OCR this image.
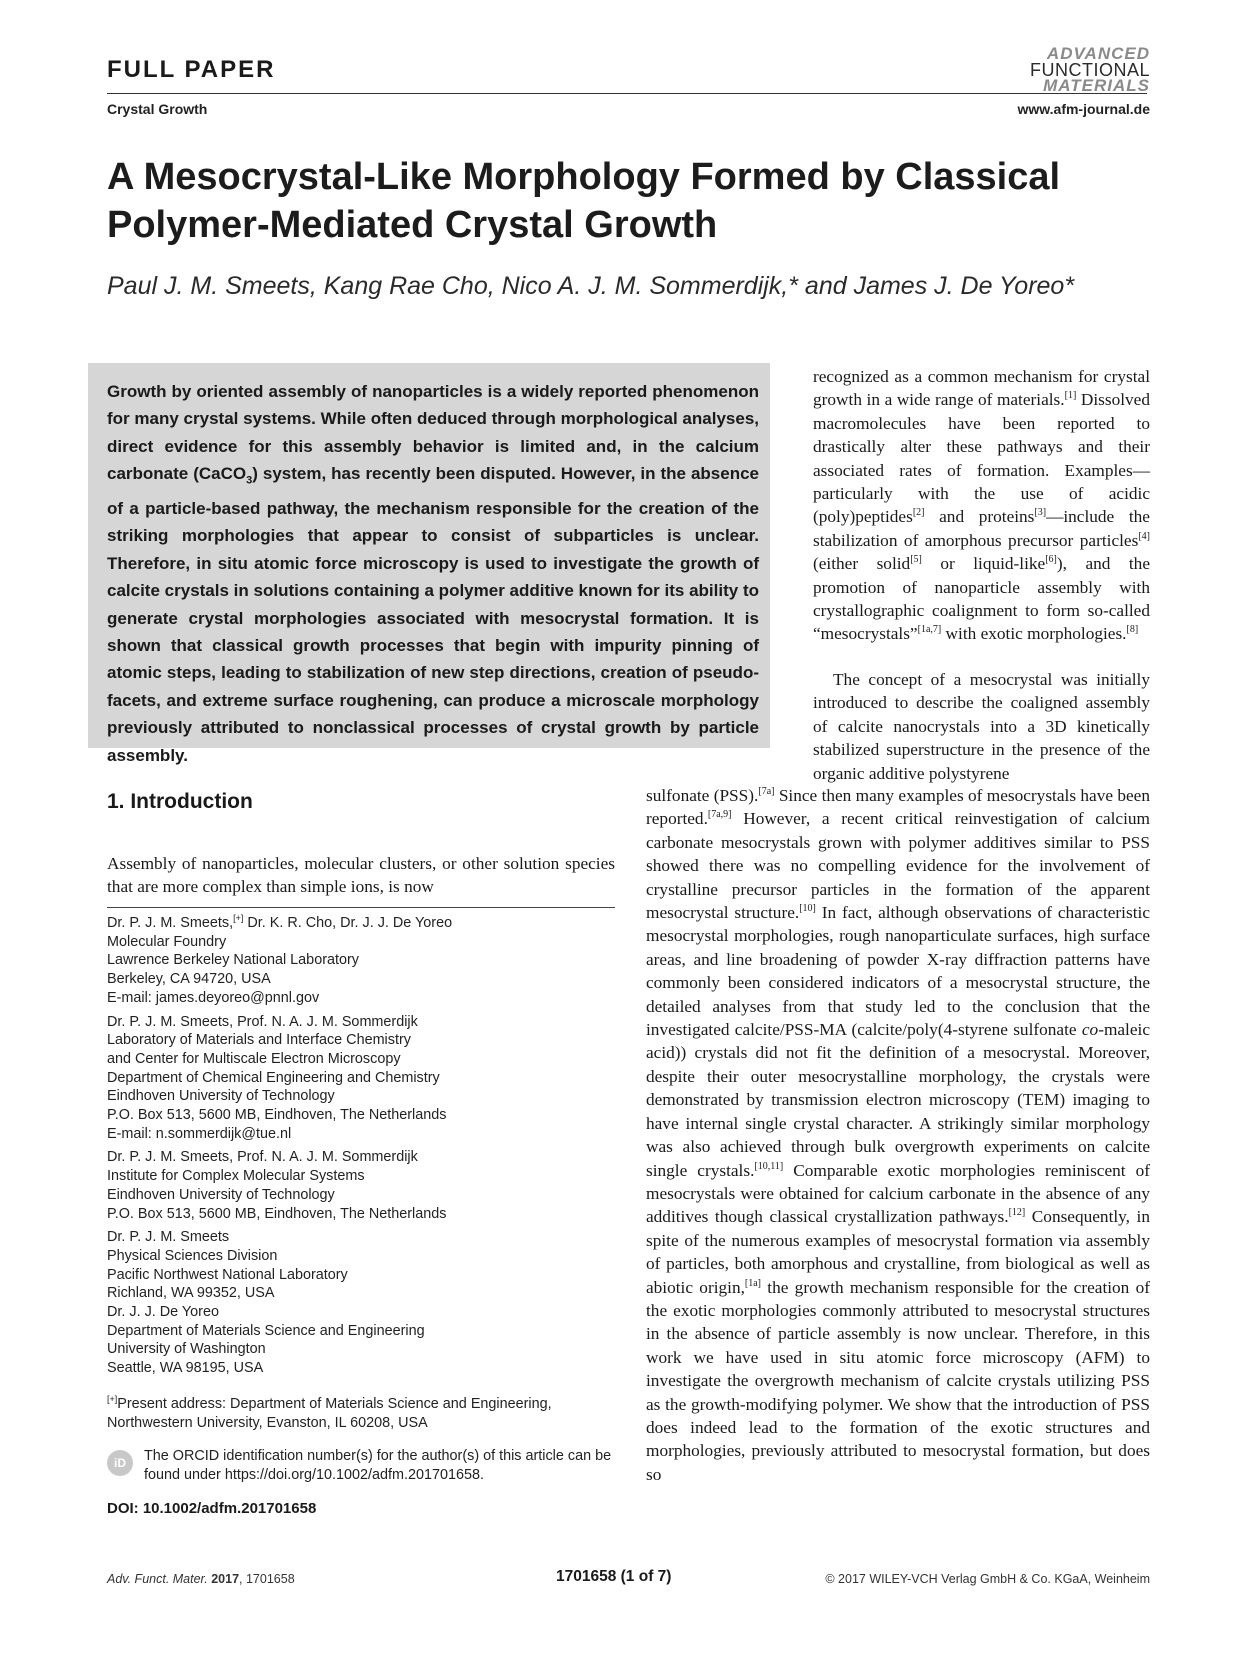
FULL PAPER
Crystal Growth
ADVANCED
FUNCTIONAL
MATERIALS
www.afm-journal.de
A Mesocrystal-Like Morphology Formed by Classical Polymer-Mediated Crystal Growth
Paul J. M. Smeets, Kang Rae Cho, Nico A. J. M. Sommerdijk,* and James J. De Yoreo*
Growth by oriented assembly of nanoparticles is a widely reported phenomenon for many crystal systems. While often deduced through morphological analyses, direct evidence for this assembly behavior is limited and, in the calcium carbonate (CaCO$_3$) system, has recently been disputed. However, in the absence of a particle-based pathway, the mechanism responsible for the creation of the striking morphologies that appear to consist of subparticles is unclear. Therefore, in situ atomic force microscopy is used to investigate the growth of calcite crystals in solutions containing a polymer additive known for its ability to generate crystal morphologies associated with mesocrystal formation. It is shown that classical growth processes that begin with impurity pinning of atomic steps, leading to stabilization of new step directions, creation of pseudo-facets, and extreme surface roughening, can produce a microscale morphology previously attributed to nonclassical processes of crystal growth by particle assembly.
recognized as a common mechanism for crystal growth in a wide range of materials.[1] Dissolved macromolecules have been reported to drastically alter these pathways and their associated rates of formation. Examples—particularly with the use of acidic (poly)peptides[2] and proteins[3]—include the stabilization of amorphous precursor particles[4] (either solid[5] or liquid-like[6]), and the promotion of nanoparticle assembly with crystallographic coalignment to form so-called “mesocrystals”[1a,7] with exotic morphologies.[8]
The concept of a mesocrystal was initially introduced to describe the coaligned assembly of calcite nanocrystals into a 3D kinetically stabilized superstructure in the presence of the organic additive polystyrene
sulfonate (PSS).[7a] Since then many examples of mesocrystals have been reported.[7a,9] However, a recent critical reinvestigation of calcium carbonate mesocrystals grown with polymer additives similar to PSS showed there was no compelling evidence for the involvement of crystalline precursor particles in the formation of the apparent mesocrystal structure.[10] In fact, although observations of characteristic mesocrystal morphologies, rough nanoparticulate surfaces, high surface areas, and line broadening of powder X-ray diffraction patterns have commonly been considered indicators of a mesocrystal structure, the detailed analyses from that study led to the conclusion that the investigated calcite/PSS-MA (calcite/poly(4-styrene sulfonate co-maleic acid)) crystals did not fit the definition of a mesocrystal. Moreover, despite their outer mesocrystalline morphology, the crystals were demonstrated by transmission electron microscopy (TEM) imaging to have internal single crystal character. A strikingly similar morphology was also achieved through bulk overgrowth experiments on calcite single crystals.[10,11] Comparable exotic morphologies reminiscent of mesocrystals were obtained for calcium carbonate in the absence of any additives though classical crystallization pathways.[12] Consequently, in spite of the numerous examples of mesocrystal formation via assembly of particles, both amorphous and crystalline, from biological as well as abiotic origin,[1a] the growth mechanism responsible for the creation of the exotic morphologies commonly attributed to mesocrystal structures in the absence of particle assembly is now unclear. Therefore, in this work we have used in situ atomic force microscopy (AFM) to investigate the overgrowth mechanism of calcite crystals utilizing PSS as the growth-modifying polymer. We show that the introduction of PSS does indeed lead to the formation of the exotic structures and morphologies, previously attributed to mesocrystal formation, but does so
1. Introduction
Assembly of nanoparticles, molecular clusters, or other solution species that are more complex than simple ions, is now
Dr. P. J. M. Smeets,[+] Dr. K. R. Cho, Dr. J. J. De Yoreo
Molecular Foundry
Lawrence Berkeley National Laboratory
Berkeley, CA 94720, USA
E-mail: james.deyoreo@pnnl.gov
Dr. P. J. M. Smeets, Prof. N. A. J. M. Sommerdijk
Laboratory of Materials and Interface Chemistry
and Center for Multiscale Electron Microscopy
Department of Chemical Engineering and Chemistry
Eindhoven University of Technology
P.O. Box 513, 5600 MB, Eindhoven, The Netherlands
E-mail: n.sommerdijk@tue.nl
Dr. P. J. M. Smeets, Prof. N. A. J. M. Sommerdijk
Institute for Complex Molecular Systems
Eindhoven University of Technology
P.O. Box 513, 5600 MB, Eindhoven, The Netherlands
Dr. P. J. M. Smeets
Physical Sciences Division
Pacific Northwest National Laboratory
Richland, WA 99352, USA
Dr. J. J. De Yoreo
Department of Materials Science and Engineering
University of Washington
Seattle, WA 98195, USA
[+]Present address: Department of Materials Science and Engineering, Northwestern University, Evanston, IL 60208, USA
iD	The ORCID identification number(s) for the author(s) of this article can be found under https://doi.org/10.1002/adfm.201701658.
DOI: 10.1002/adfm.201701658
Adv. Funct. Mater. 2017, 1701658	1701658 (1 of 7)	© 2017 WILEY-VCH Verlag GmbH & Co. KGaA, Weinheim
